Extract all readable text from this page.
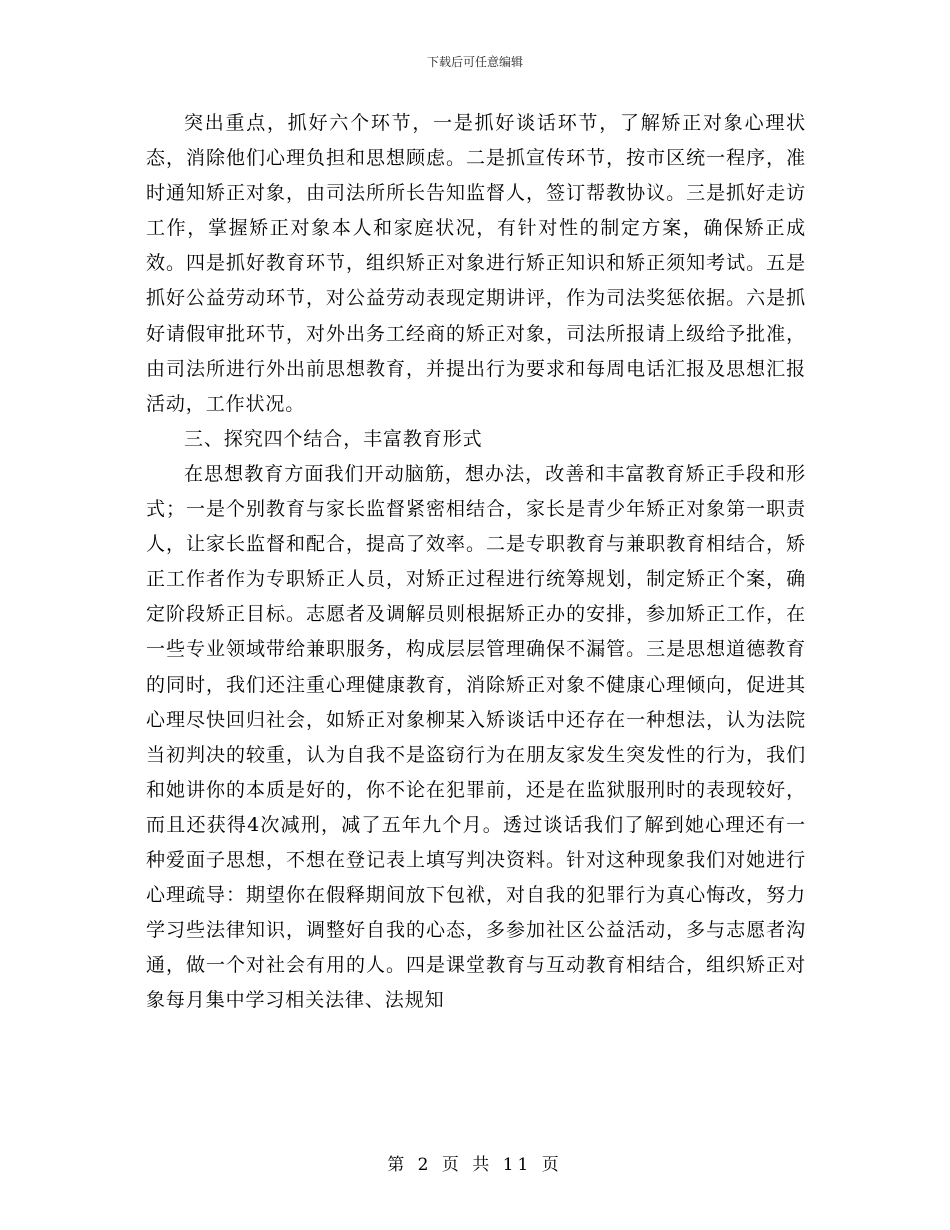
下载后可任意编辑

突出重点，抓好六个环节，一是抓好谈话环节，了解矫正对象心理状态，消除他们心理负担和思想顾虑。二是抓宣传环节，按市区统一程序，准时通知矫正对象，由司法所所长告知监督人，签订帮教协议。三是抓好走访工作，掌握矫正对象本人和家庭状况，有针对性的制定方案，确保矫正成效。四是抓好教育环节，组织矫正对象进行矫正知识和矫正须知考试。五是抓好公益劳动环节，对公益劳动表现定期讲评，作为司法奖惩依据。六是抓好请假审批环节，对外出务工经商的矫正对象，司法所报请上级给予批准，由司法所进行外出前思想教育，并提出行为要求和每周电话汇报及思想汇报活动，工作状况。

三、探究四个结合，丰富教育形式

在思想教育方面我们开动脑筋，想办法，改善和丰富教育矫正手段和形式；一是个别教育与家长监督紧密相结合，家长是青少年矫正对象第一职责人，让家长监督和配合，提高了效率。二是专职教育与兼职教育相结合，矫正工作者作为专职矫正人员，对矫正过程进行统筹规划，制定矫正个案，确定阶段矫正目标。志愿者及调解员则根据矫正办的安排，参加矫正工作，在一些专业领域带给兼职服务，构成层层管理确保不漏管。三是思想道德教育的同时，我们还注重心理健康教育，消除矫正对象不健康心理倾向，促进其心理尽快回归社会，如矫正对象柳某入矫谈话中还存在一种想法，认为法院当初判决的较重，认为自我不是盗窃行为在朋友家发生突发性的行为，我们和她讲你的本质是好的，你不论在犯罪前，还是在监狱服刑时的表现较好，而且还获得4次减刑，减了五年九个月。透过谈话我们了解到她心理还有一种爱面子思想，不想在登记表上填写判决资料。针对这种现象我们对她进行心理疏导：期望你在假释期间放下包袱，对自我的犯罪行为真心悔改，努力学习些法律知识，调整好自我的心态，多参加社区公益活动，多与志愿者沟通，做一个对社会有用的人。四是课堂教育与互动教育相结合，组织矫正对象每月集中学习相关法律、法规知

第 2 页 共 11 页
